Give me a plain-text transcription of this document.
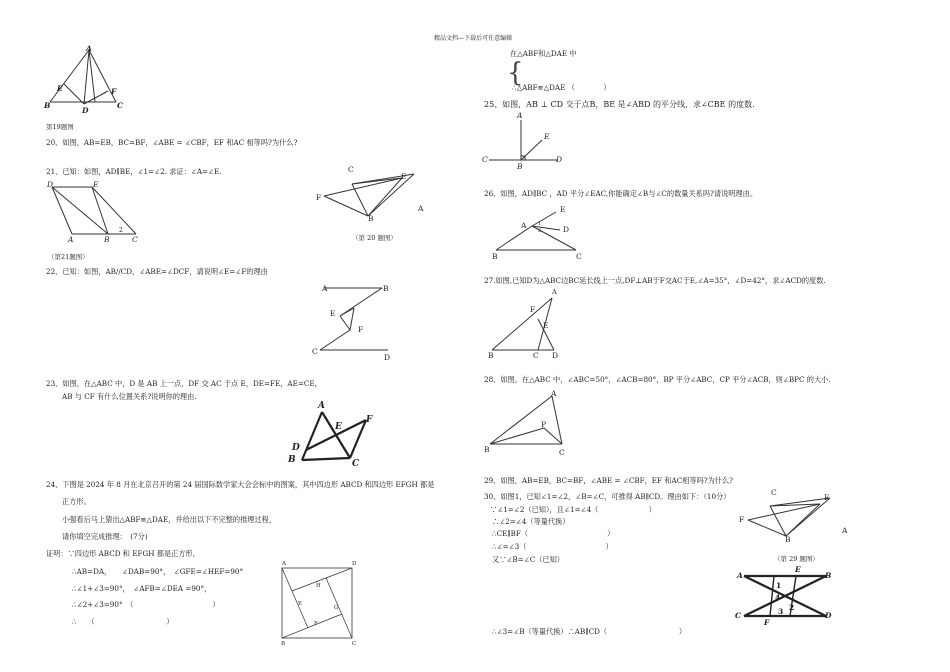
精品文档---下载后可任意编辑
A
E	F
B
D
C
第19题图
20、如图，AB=EB，BC=BF，∠ABE = ∠CBF，EF 和AC 相等吗?为什么?
21、已知：如图，AD∥BE，∠1=∠2. 求证：∠A=∠E.
D	E
A	B
2
C
（第21题图）
C
E
F
B
A
（第 20 题图）
22、已知：如图，AB//CD，∠ABE=∠DCF，请说明∠E=∠F的理由
A	B
E
F
C
D
23、如图，在△ABC 中，D 是 AB 上一点，DF 交 AC 于点 E，DE=FE，AE=CE，
AB 与 CF 有什么位置关系?说明你的理由.
A
E
F
D
B	C
24、下图是 2024 年 8 月在北京召开的第 24 届国际数学家大会会标中的图案，其中四边形 ABCD 和四边形 EFGH 都是
正方形。
小强看后马上猜出△ABF≌△DAE，并给出以下不完整的推理过程，
请你填空完成推理：　(7分)
证明：∵四边形 ABCD 和 EFGH 都是正方形,
∴AB=DA，　　∠DAB=90°，　∠GFE=∠HEF=90°
∴∠1+∠3=90°，　∠AFB=∠DEA =90°，
∴∠2+∠3=90°　（　　　　　　　　　　　）
∴　　（　　　　　　　　　　）
A	D
H
G
E
F
B	C
在△ABF和△DAE 中
{
∴△ABF≌△DAE （　　　　）
25、如图，AB ⊥ CD 交于点B，BE 是∠ABD 的平分线，求∠CBE 的度数.
A
E
C
B
D
26、如图，AD∥BC ，AD 平分∠EAC,你能确定∠B与∠C的数量关系吗?请说明理由。
E
A 1
2	D
B	C
27.如图,已知D为△ABC边BC延长线上一点,DF⊥AB于F交AC于E,∠A=35°，∠D=42°，求∠ACD的度数.
A
F
E
B	C D
28、如图，在△ABC 中，∠ABC=50°，∠ACB=80°，BP 平分∠ABC，CP 平分∠ACB，则∠BPC 的大小.
A
P
B	C
29、如图，AB=EB，BC=BF，∠ABE = ∠CBF，EF 和AC相等吗?为什么?
30、如图1，已知∠1=∠2，∠B=∠C，可推得 AB∥CD。理由如下：（10分）
∵∠1=∠2（已知），且∠1=∠4（　　　　　　　）
∴∠2=∠4（等量代换）
∴CE∥BF（　　　　　　　　　　　）
∴∠=∠3（　　　　　　　　　　　）
又∵∠B=∠C（已知）
∴∠3=∠B（等量代换）∴AB∥CD（　　　　　　　　　　）
C
E
F
B
A
（第 29 题图）
A
E
B
1
4
2
C	3
F
D
